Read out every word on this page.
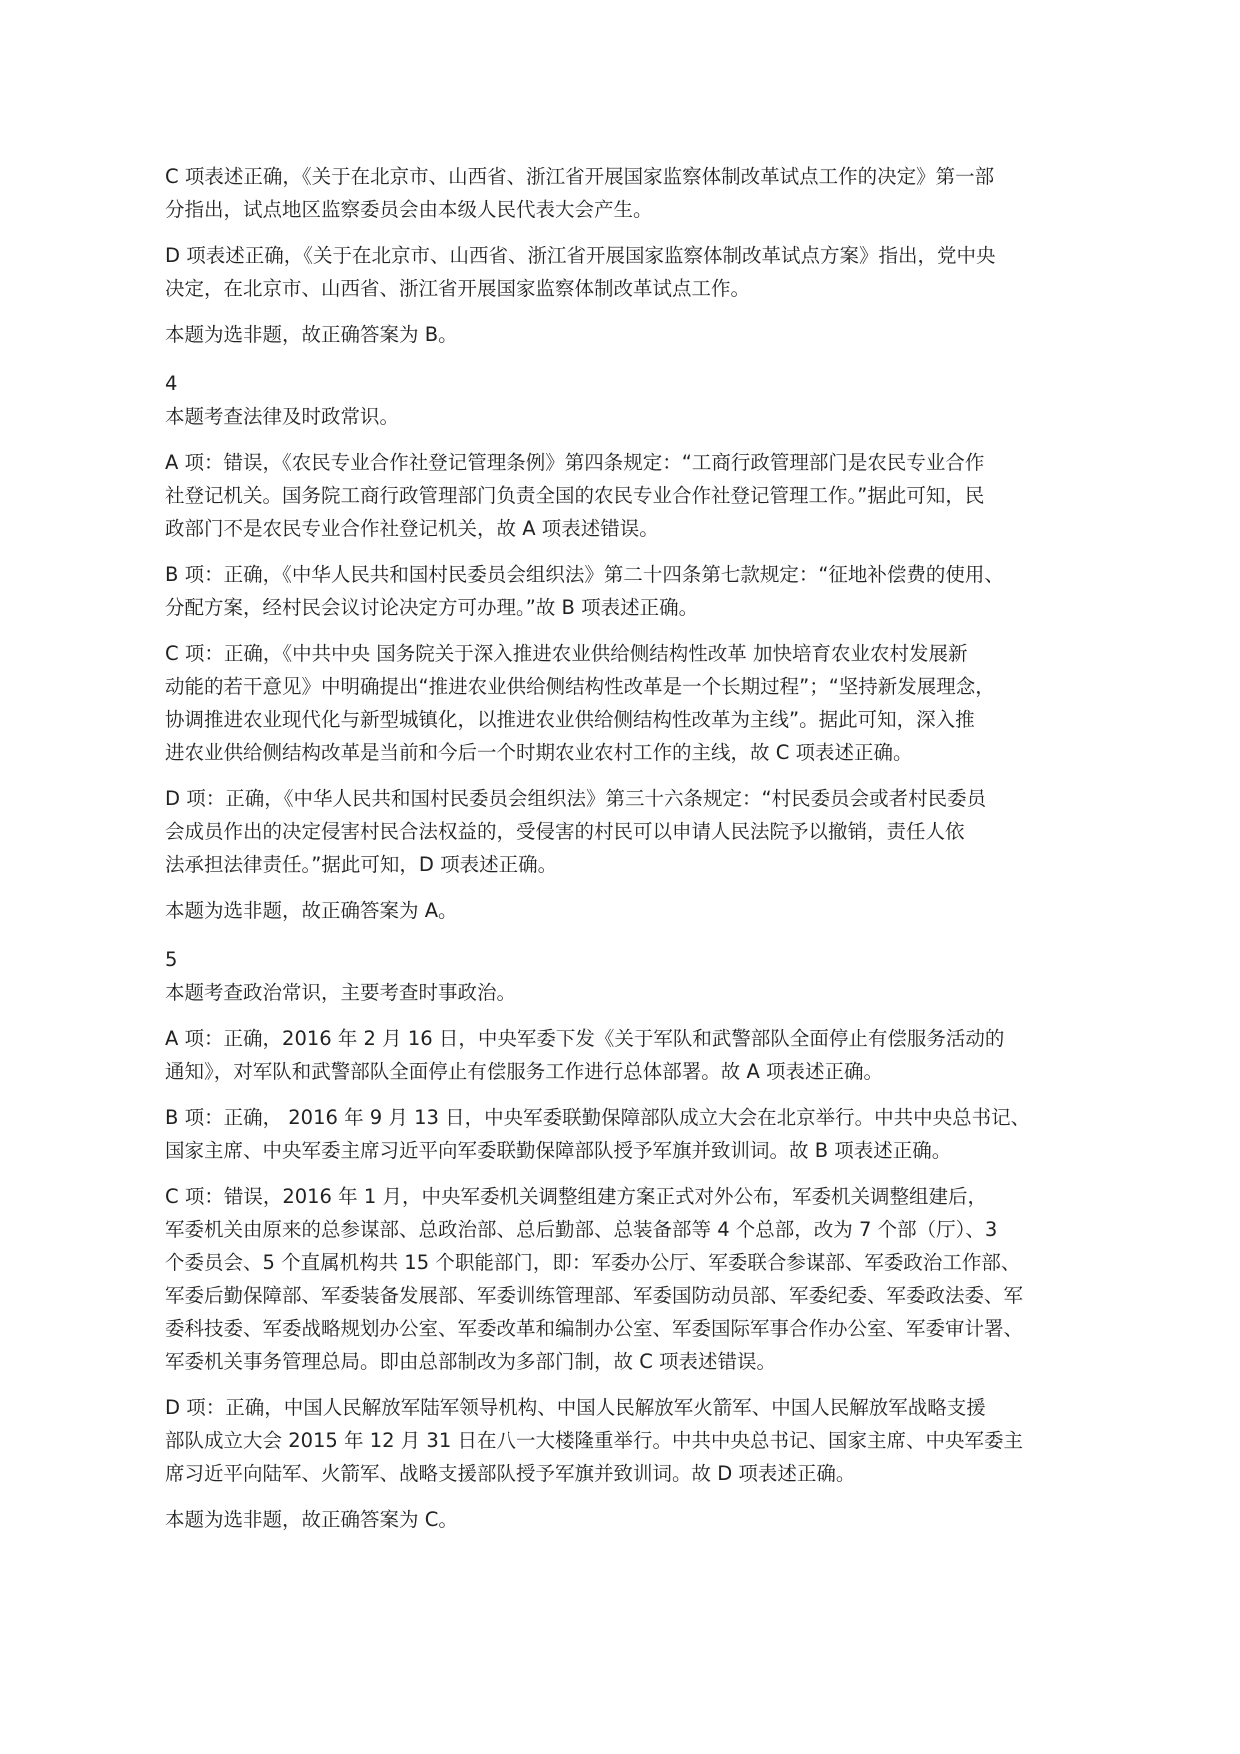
C 项表述正确，《关于在北京市、山西省、浙江省开展国家监察体制改革试点工作的决定》第一部
分指出，试点地区监察委员会由本级人民代表大会产生。
D 项表述正确，《关于在北京市、山西省、浙江省开展国家监察体制改革试点方案》指出，党中央
决定，在北京市、山西省、浙江省开展国家监察体制改革试点工作。
本题为选非题，故正确答案为 B。
4
本题考查法律及时政常识。
A 项：错误，《农民专业合作社登记管理条例》第四条规定：“工商行政管理部门是农民专业合作
社登记机关。国务院工商行政管理部门负责全国的农民专业合作社登记管理工作。”据此可知，民
政部门不是农民专业合作社登记机关，故 A 项表述错误。
B 项：正确，《中华人民共和国村民委员会组织法》第二十四条第七款规定：“征地补偿费的使用、
分配方案，经村民会议讨论决定方可办理。”故 B 项表述正确。
C 项：正确，《中共中央 国务院关于深入推进农业供给侧结构性改革 加快培育农业农村发展新
动能的若干意见》中明确提出“推进农业供给侧结构性改革是一个长期过程”；“坚持新发展理念，
协调推进农业现代化与新型城镇化，以推进农业供给侧结构性改革为主线”。据此可知，深入推
进农业供给侧结构改革是当前和今后一个时期农业农村工作的主线，故 C 项表述正确。
D 项：正确，《中华人民共和国村民委员会组织法》第三十六条规定：“村民委员会或者村民委员
会成员作出的决定侵害村民合法权益的，受侵害的村民可以申请人民法院予以撤销，责任人依
法承担法律责任。”据此可知，D 项表述正确。
本题为选非题，故正确答案为 A。
5
本题考查政治常识，主要考查时事政治。
A 项：正确，2016 年 2 月 16 日，中央军委下发《关于军队和武警部队全面停止有偿服务活动的
通知》，对军队和武警部队全面停止有偿服务工作进行总体部署。故 A 项表述正确。
B 项：正确， 2016 年 9 月 13 日，中央军委联勤保障部队成立大会在北京举行。中共中央总书记、
国家主席、中央军委主席习近平向军委联勤保障部队授予军旗并致训词。故 B 项表述正确。
C 项：错误，2016 年 1 月，中央军委机关调整组建方案正式对外公布，军委机关调整组建后，
军委机关由原来的总参谋部、总政治部、总后勤部、总装备部等 4 个总部，改为 7 个部（厅）、3
个委员会、5 个直属机构共 15 个职能部门，即：军委办公厅、军委联合参谋部、军委政治工作部、
军委后勤保障部、军委装备发展部、军委训练管理部、军委国防动员部、军委纪委、军委政法委、军
委科技委、军委战略规划办公室、军委改革和编制办公室、军委国际军事合作办公室、军委审计署、
军委机关事务管理总局。即由总部制改为多部门制，故 C 项表述错误。
D 项：正确，中国人民解放军陆军领导机构、中国人民解放军火箭军、中国人民解放军战略支援
部队成立大会 2015 年 12 月 31 日在八一大楼隆重举行。中共中央总书记、国家主席、中央军委主
席习近平向陆军、火箭军、战略支援部队授予军旗并致训词。故 D 项表述正确。
本题为选非题，故正确答案为 C。
